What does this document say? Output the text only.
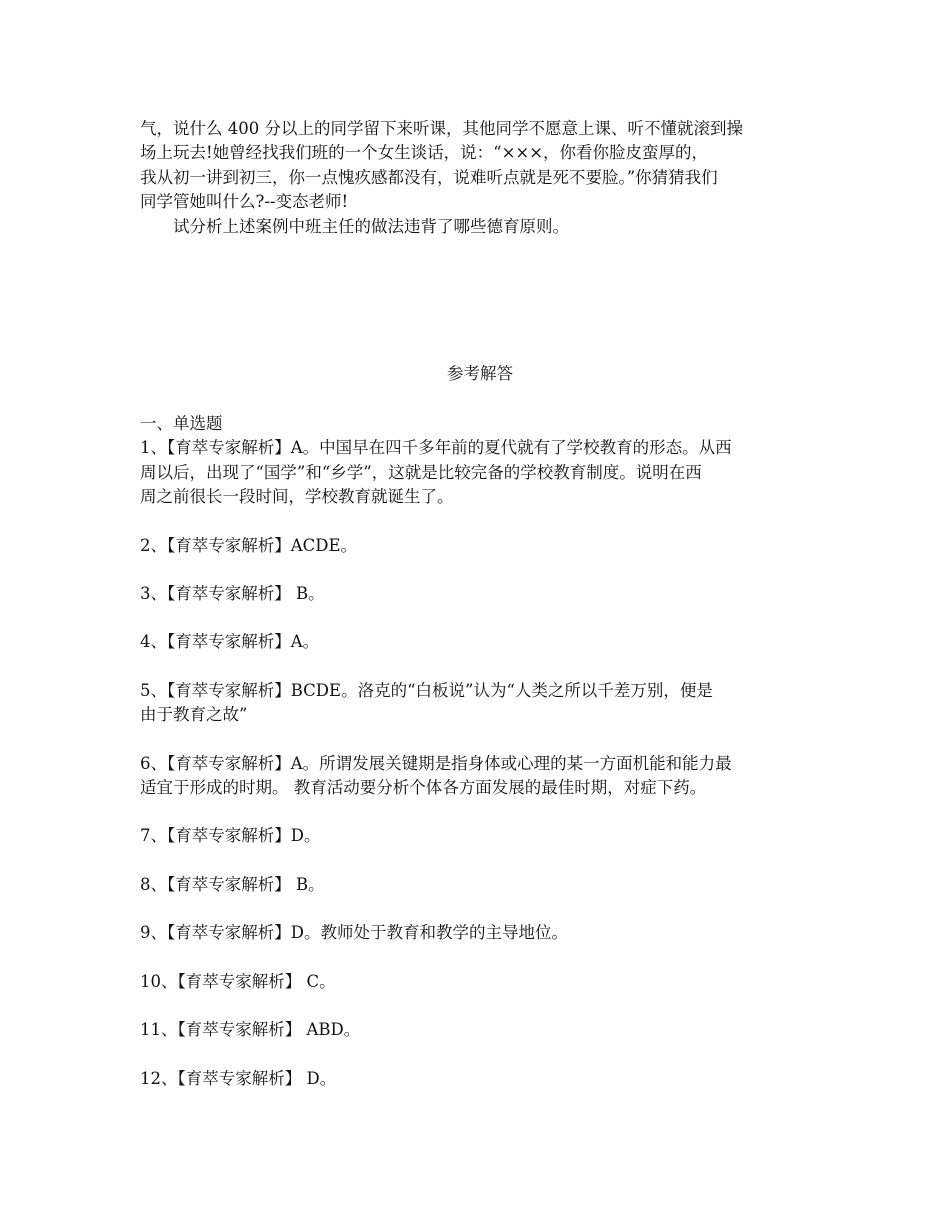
气，说什么 400 分以上的同学留下来听课，其他同学不愿意上课、听不懂就滚到操

场上玩去!她曾经找我们班的一个女生谈话，说：“×××，你看你脸皮蛮厚的，

我从初一讲到初三，你一点愧疚感都没有，说难听点就是死不要脸。”你猜猜我们

同学管她叫什么?--变态老师!

试分析上述案例中班主任的做法违背了哪些德育原则。

参考解答

一、单选题

1、【育萃专家解析】A。中国早在四千多年前的夏代就有了学校教育的形态。从西
周以后，出现了“国学”和“乡学”，这就是比较完备的学校教育制度。说明在西
周之前很长一段时间，学校教育就诞生了。
2、【育萃专家解析】ACDE。
3、【育萃专家解析】 B。
4、【育萃专家解析】A。
5、【育萃专家解析】BCDE。洛克的“白板说”认为“人类之所以千差万别，便是
由于教育之故”
6、【育萃专家解析】A。所谓发展关键期是指身体或心理的某一方面机能和能力最
适宜于形成的时期。 教育活动要分析个体各方面发展的最佳时期，对症下药。
7、【育萃专家解析】D。
8、【育萃专家解析】 B。
9、【育萃专家解析】D。教师处于教育和教学的主导地位。
10、【育萃专家解析】 C。
11、【育萃专家解析】 ABD。
12、【育萃专家解析】 D。
